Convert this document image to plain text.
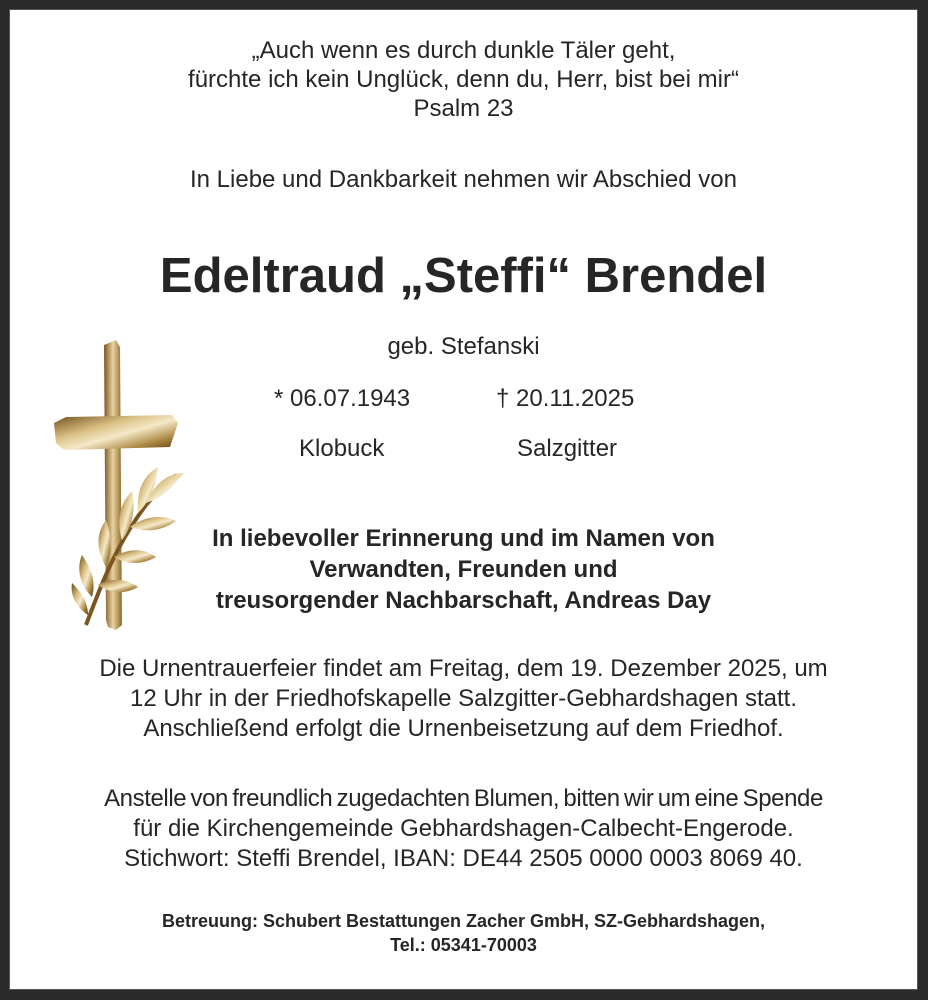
„Auch wenn es durch dunkle Täler geht,
fürchte ich kein Unglück, denn du, Herr, bist bei mir“
Psalm 23
In Liebe und Dankbarkeit nehmen wir Abschied von
Edeltraud „Steffi“ Brendel
geb. Stefanski
* 06.07.1943	† 20.11.2025
Klobuck	Salzgitter
In liebevoller Erinnerung und im Namen von
Verwandten, Freunden und
treusorgender Nachbarschaft, Andreas Day
Die Urnentrauerfeier findet am Freitag, dem 19. Dezember 2025, um
12 Uhr in der Friedhofskapelle Salzgitter-Gebhardshagen statt.
Anschließend erfolgt die Urnenbeisetzung auf dem Friedhof.
Anstelle von freundlich zugedachten Blumen, bitten wir um eine Spende
für die Kirchengemeinde Gebhardshagen-Calbecht-Engerode.
Stichwort: Steffi Brendel, IBAN: DE44 2505 0000 0003 8069 40.
Betreuung: Schubert Bestattungen Zacher GmbH, SZ-Gebhardshagen,
Tel.: 05341-70003
